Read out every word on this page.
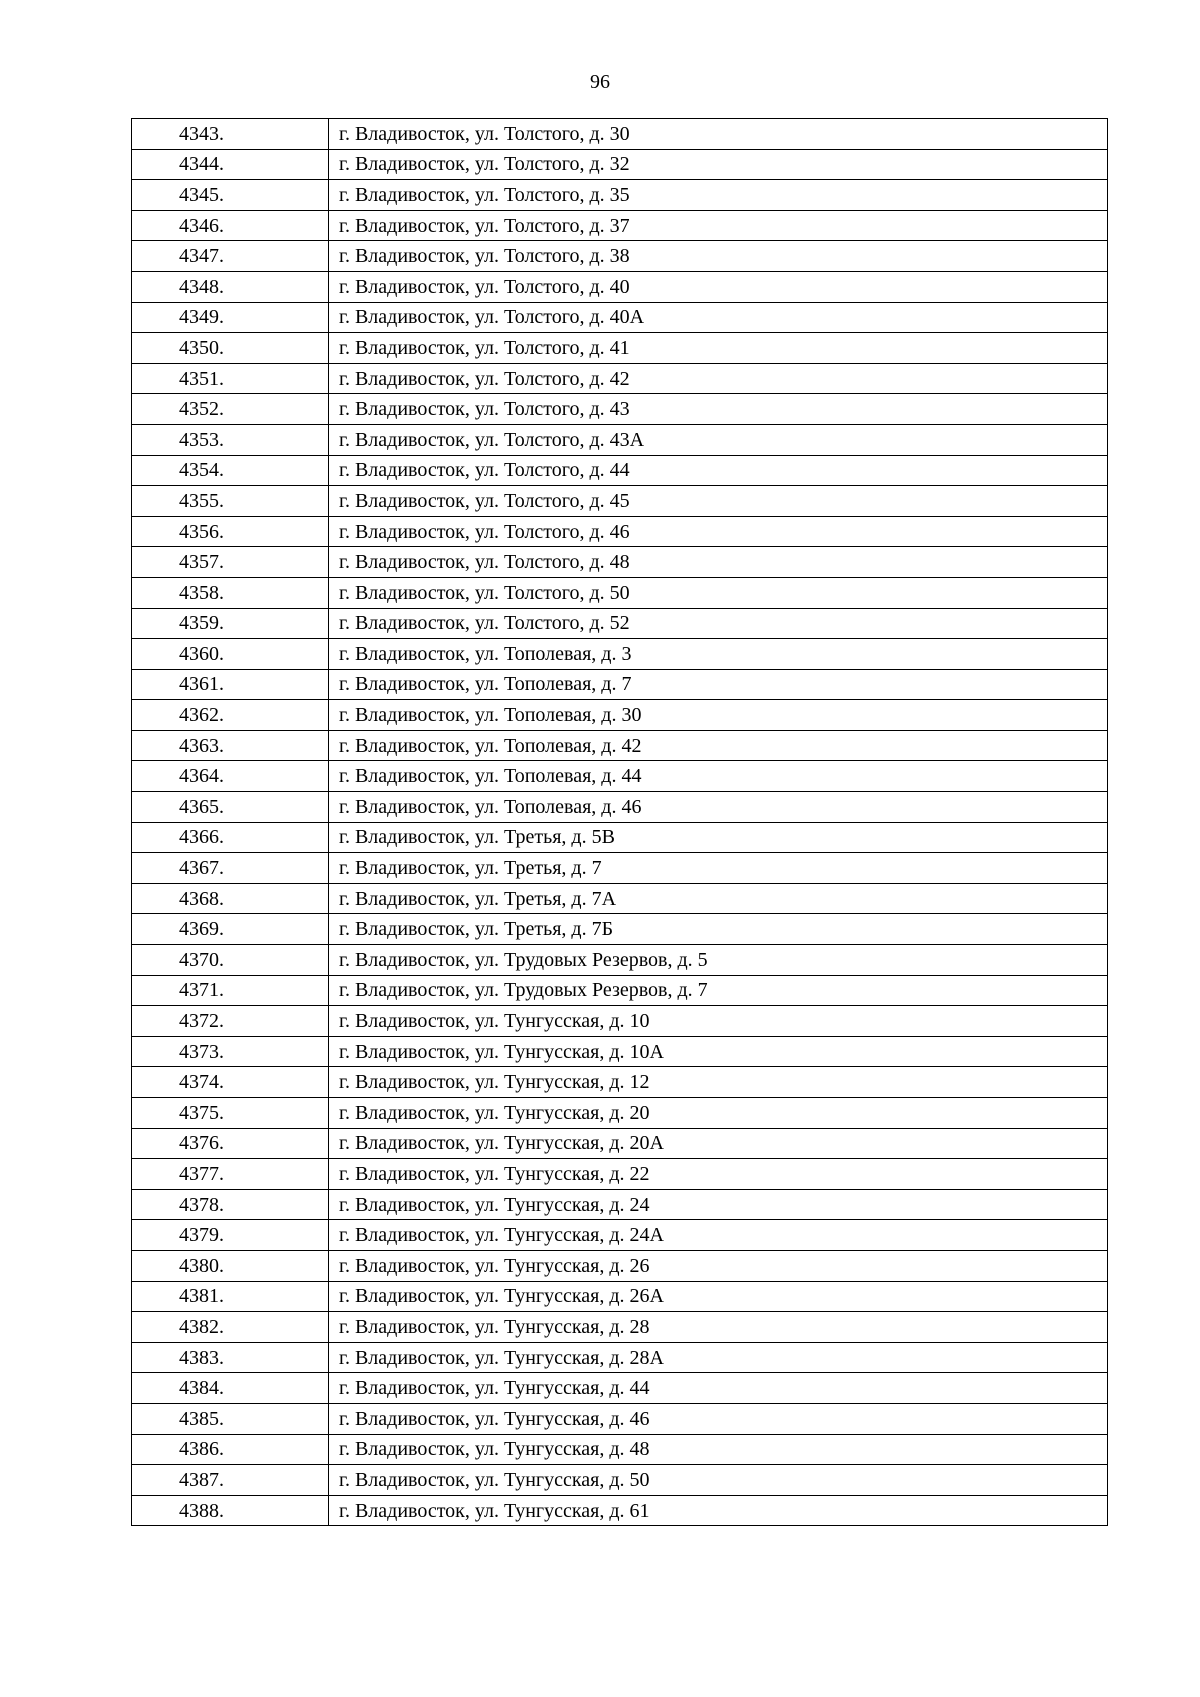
96
4343.	г. Владивосток, ул. Толстого, д. 30
4344.	г. Владивосток, ул. Толстого, д. 32
4345.	г. Владивосток, ул. Толстого, д. 35
4346.	г. Владивосток, ул. Толстого, д. 37
4347.	г. Владивосток, ул. Толстого, д. 38
4348.	г. Владивосток, ул. Толстого, д. 40
4349.	г. Владивосток, ул. Толстого, д. 40А
4350.	г. Владивосток, ул. Толстого, д. 41
4351.	г. Владивосток, ул. Толстого, д. 42
4352.	г. Владивосток, ул. Толстого, д. 43
4353.	г. Владивосток, ул. Толстого, д. 43А
4354.	г. Владивосток, ул. Толстого, д. 44
4355.	г. Владивосток, ул. Толстого, д. 45
4356.	г. Владивосток, ул. Толстого, д. 46
4357.	г. Владивосток, ул. Толстого, д. 48
4358.	г. Владивосток, ул. Толстого, д. 50
4359.	г. Владивосток, ул. Толстого, д. 52
4360.	г. Владивосток, ул. Тополевая, д. 3
4361.	г. Владивосток, ул. Тополевая, д. 7
4362.	г. Владивосток, ул. Тополевая, д. 30
4363.	г. Владивосток, ул. Тополевая, д. 42
4364.	г. Владивосток, ул. Тополевая, д. 44
4365.	г. Владивосток, ул. Тополевая, д. 46
4366.	г. Владивосток, ул. Третья, д. 5В
4367.	г. Владивосток, ул. Третья, д. 7
4368.	г. Владивосток, ул. Третья, д. 7А
4369.	г. Владивосток, ул. Третья, д. 7Б
4370.	г. Владивосток, ул. Трудовых Резервов, д. 5
4371.	г. Владивосток, ул. Трудовых Резервов, д. 7
4372.	г. Владивосток, ул. Тунгусская, д. 10
4373.	г. Владивосток, ул. Тунгусская, д. 10А
4374.	г. Владивосток, ул. Тунгусская, д. 12
4375.	г. Владивосток, ул. Тунгусская, д. 20
4376.	г. Владивосток, ул. Тунгусская, д. 20А
4377.	г. Владивосток, ул. Тунгусская, д. 22
4378.	г. Владивосток, ул. Тунгусская, д. 24
4379.	г. Владивосток, ул. Тунгусская, д. 24А
4380.	г. Владивосток, ул. Тунгусская, д. 26
4381.	г. Владивосток, ул. Тунгусская, д. 26А
4382.	г. Владивосток, ул. Тунгусская, д. 28
4383.	г. Владивосток, ул. Тунгусская, д. 28А
4384.	г. Владивосток, ул. Тунгусская, д. 44
4385.	г. Владивосток, ул. Тунгусская, д. 46
4386.	г. Владивосток, ул. Тунгусская, д. 48
4387.	г. Владивосток, ул. Тунгусская, д. 50
4388.	г. Владивосток, ул. Тунгусская, д. 61
